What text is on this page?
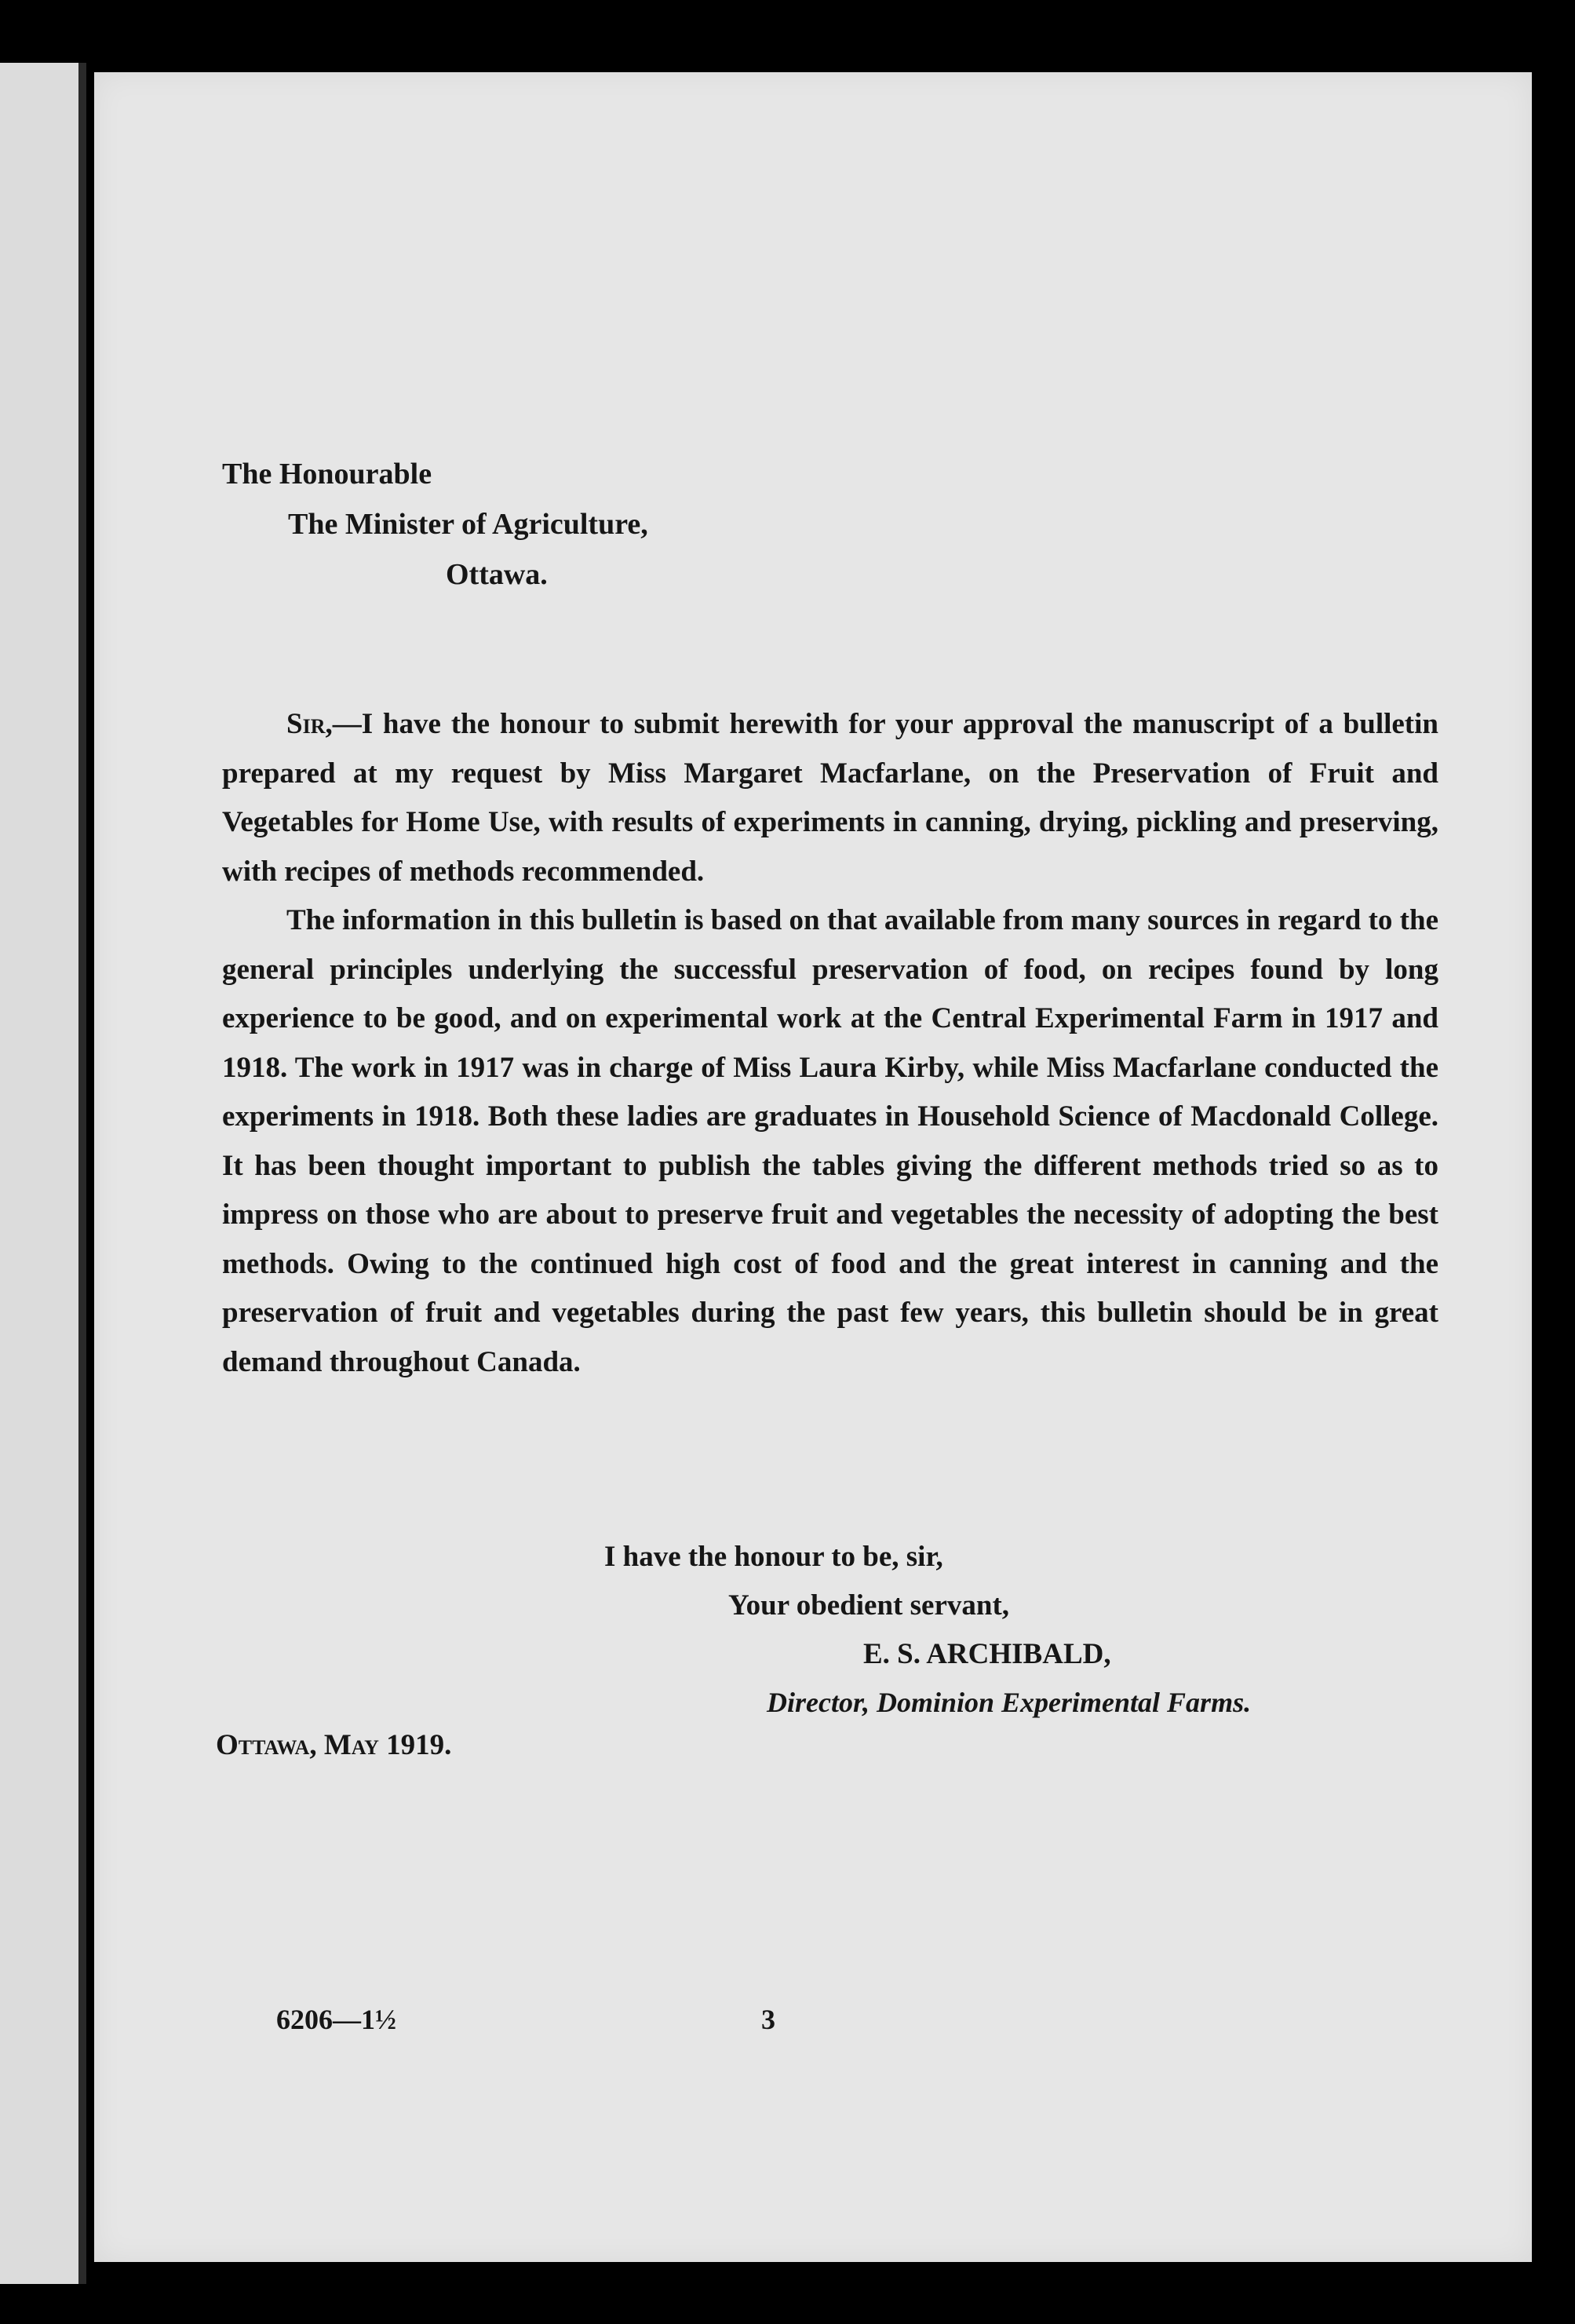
The Honourable
The Minister of Agriculture,
Ottawa.

Sir,—I have the honour to submit herewith for your approval the manuscript of a bulletin prepared at my request by Miss Margaret Macfarlane, on the Preservation of Fruit and Vegetables for Home Use, with results of experiments in canning, drying, pickling and preserving, with recipes of methods recommended.

The information in this bulletin is based on that available from many sources in regard to the general principles underlying the successful preservation of food, on recipes found by long experience to be good, and on experimental work at the Central Experimental Farm in 1917 and 1918. The work in 1917 was in charge of Miss Laura Kirby, while Miss Macfarlane conducted the experiments in 1918. Both these ladies are graduates in Household Science of Macdonald College. It has been thought important to publish the tables giving the different methods tried so as to impress on those who are about to preserve fruit and vegetables the necessity of adopting the best methods. Owing to the continued high cost of food and the great interest in canning and the preservation of fruit and vegetables during the past few years, this bulletin should be in great demand throughout Canada.

I have the honour to be, sir,
Your obedient servant,
E. S. ARCHIBALD,
Director, Dominion Experimental Farms.
Ottawa, May 1919.
6206—1½	3
